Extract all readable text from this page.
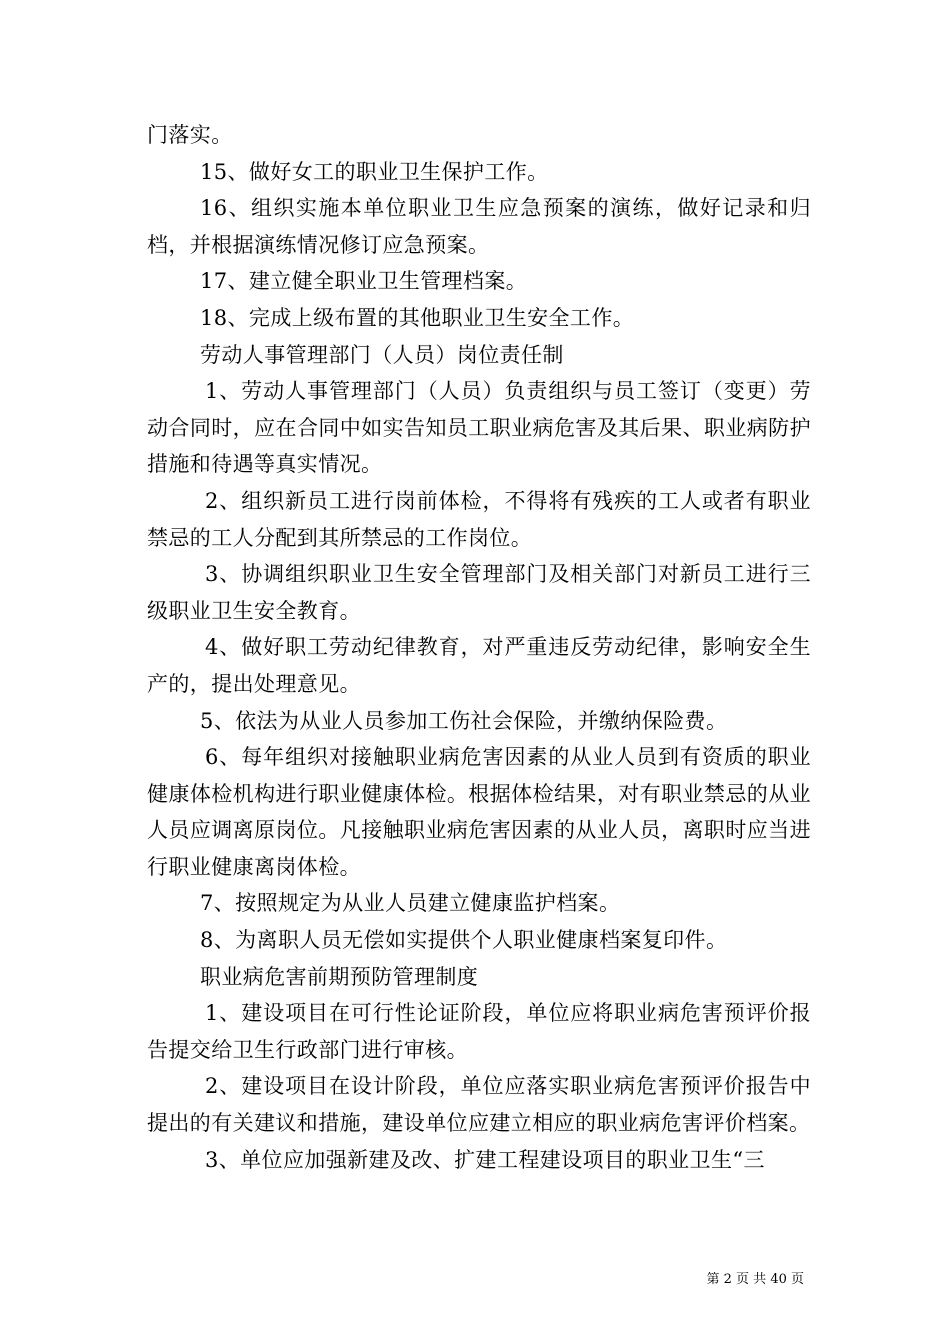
门落实。

15、做好女工的职业卫生保护工作。

16、组织实施本单位职业卫生应急预案的演练，做好记录和归档，并根据演练情况修订应急预案。

17、建立健全职业卫生管理档案。

18、完成上级布置的其他职业卫生安全工作。

劳动人事管理部门（人员）岗位责任制

1、劳动人事管理部门（人员）负责组织与员工签订（变更）劳动合同时，应在合同中如实告知员工职业病危害及其后果、职业病防护措施和待遇等真实情况。

2、组织新员工进行岗前体检，不得将有残疾的工人或者有职业禁忌的工人分配到其所禁忌的工作岗位。

3、协调组织职业卫生安全管理部门及相关部门对新员工进行三级职业卫生安全教育。

4、做好职工劳动纪律教育，对严重违反劳动纪律，影响安全生产的，提出处理意见。

5、依法为从业人员参加工伤社会保险，并缴纳保险费。

6、每年组织对接触职业病危害因素的从业人员到有资质的职业健康体检机构进行职业健康体检。根据体检结果，对有职业禁忌的从业人员应调离原岗位。凡接触职业病危害因素的从业人员，离职时应当进行职业健康离岗体检。

7、按照规定为从业人员建立健康监护档案。

8、为离职人员无偿如实提供个人职业健康档案复印件。

职业病危害前期预防管理制度

1、建设项目在可行性论证阶段，单位应将职业病危害预评价报告提交给卫生行政部门进行审核。

2、建设项目在设计阶段，单位应落实职业病危害预评价报告中提出的有关建议和措施，建设单位应建立相应的职业病危害评价档案。

3、单位应加强新建及改、扩建工程建设项目的职业卫生“三

第 2 页 共 40 页
